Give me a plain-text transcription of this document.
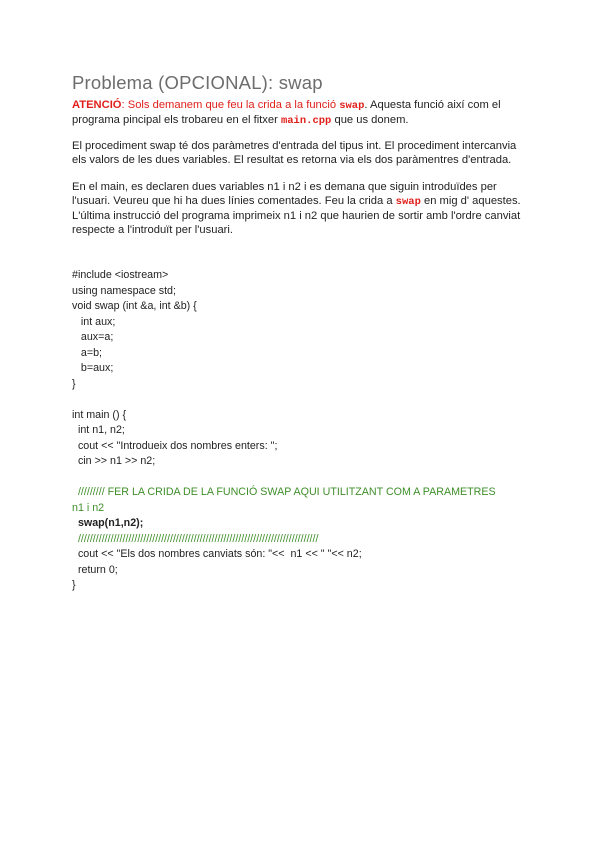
Problema (OPCIONAL): swap

ATENCIÓ: Sols demanem que feu la crida a la funció swap. Aquesta funció així com el programa pincipal els trobareu en el fitxer main.cpp que us donem.

El procediment swap té dos paràmetres d'entrada del tipus int. El procediment intercanvia els valors de les dues variables. El resultat es retorna via els dos paràmentres d'entrada.

En el main, es declaren dues variables n1 i n2 i es demana que siguin introduïdes per l'usuari. Veureu que hi ha dues línies comentades. Feu la crida a swap en mig d' aquestes. L'última instrucció del programa imprimeix n1 i n2 que haurien de sortir amb l'ordre canviat respecte a l'introduït per l'usuari.

#include <iostream>
using namespace std;
void swap (int &a, int &b) {
int aux;
aux=a;
a=b;
b=aux;
}
int main () {
int n1, n2;
cout << "Introdueix dos nombres enters: ";
cin >> n1 >> n2;
///////// FER LA CRIDA DE LA FUNCIÓ SWAP AQUI UTILITZANT COM A PARAMETRES
n1 i n2
swap(n1,n2);
/////////////////////////////////////////////////////////////////////////////////
cout << "Els dos nombres canviats són: "<<  n1 << " "<< n2;
return 0;
}
